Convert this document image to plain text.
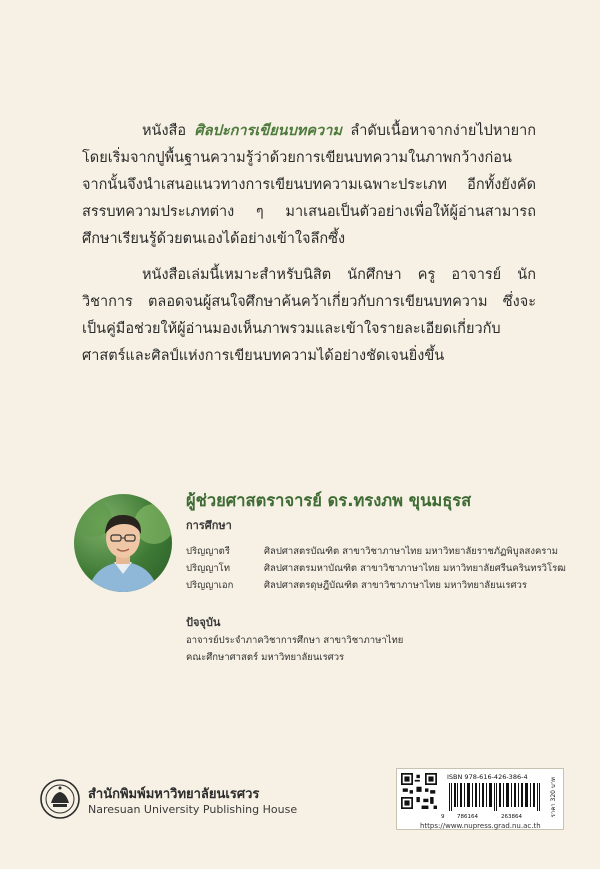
หนังสือ ศิลปะการเขียนบทความ ลำดับเนื้อหาจากง่ายไปหายาก โดยเริ่มจากปูพื้นฐานความรู้ว่าด้วยการเขียนบทความในภาพกว้างก่อน จากนั้นจึงนำเสนอแนวทางการเขียนบทความเฉพาะประเภท อีกทั้งยังคัดสรรบทความประเภทต่าง ๆ มาเสนอเป็นตัวอย่างเพื่อให้ผู้อ่านสามารถศึกษาเรียนรู้ด้วยตนเองได้อย่างเข้าใจลึกซึ้ง
หนังสือเล่มนี้เหมาะสำหรับนิสิต นักศึกษา ครู อาจารย์ นักวิชาการ ตลอดจนผู้สนใจศึกษาค้นคว้าเกี่ยวกับการเขียนบทความ ซึ่งจะเป็นคู่มือช่วยให้ผู้อ่านมองเห็นภาพรวมและเข้าใจรายละเอียดเกี่ยวกับศาสตร์และศิลป์แห่งการเขียนบทความได้อย่างชัดเจนยิ่งขึ้น
ผู้ช่วยศาสตราจารย์ ดร.ทรงภพ ขุนมธุรส
การศึกษา
ปริญญาตรี	ศิลปศาสตรบัณฑิต สาขาวิชาภาษาไทย มหาวิทยาลัยราชภัฏพิบูลสงคราม
ปริญญาโท	ศิลปศาสตรมหาบัณฑิต สาขาวิชาภาษาไทย มหาวิทยาลัยศรีนครินทรวิโรฒ
ปริญญาเอก	ศิลปศาสตรดุษฎีบัณฑิต สาขาวิชาภาษาไทย มหาวิทยาลัยนเรศวร
ปัจจุบัน
อาจารย์ประจำภาควิชาการศึกษา สาขาวิชาภาษาไทย
คณะศึกษาศาสตร์ มหาวิทยาลัยนเรศวร
สำนักพิมพ์มหาวิทยาลัยนเรศวร
Naresuan University Publishing House
ISBN 978-616-426-386-4
9 786164	263864	ราคา 320 บาท
https://www.nupress.grad.nu.ac.th
